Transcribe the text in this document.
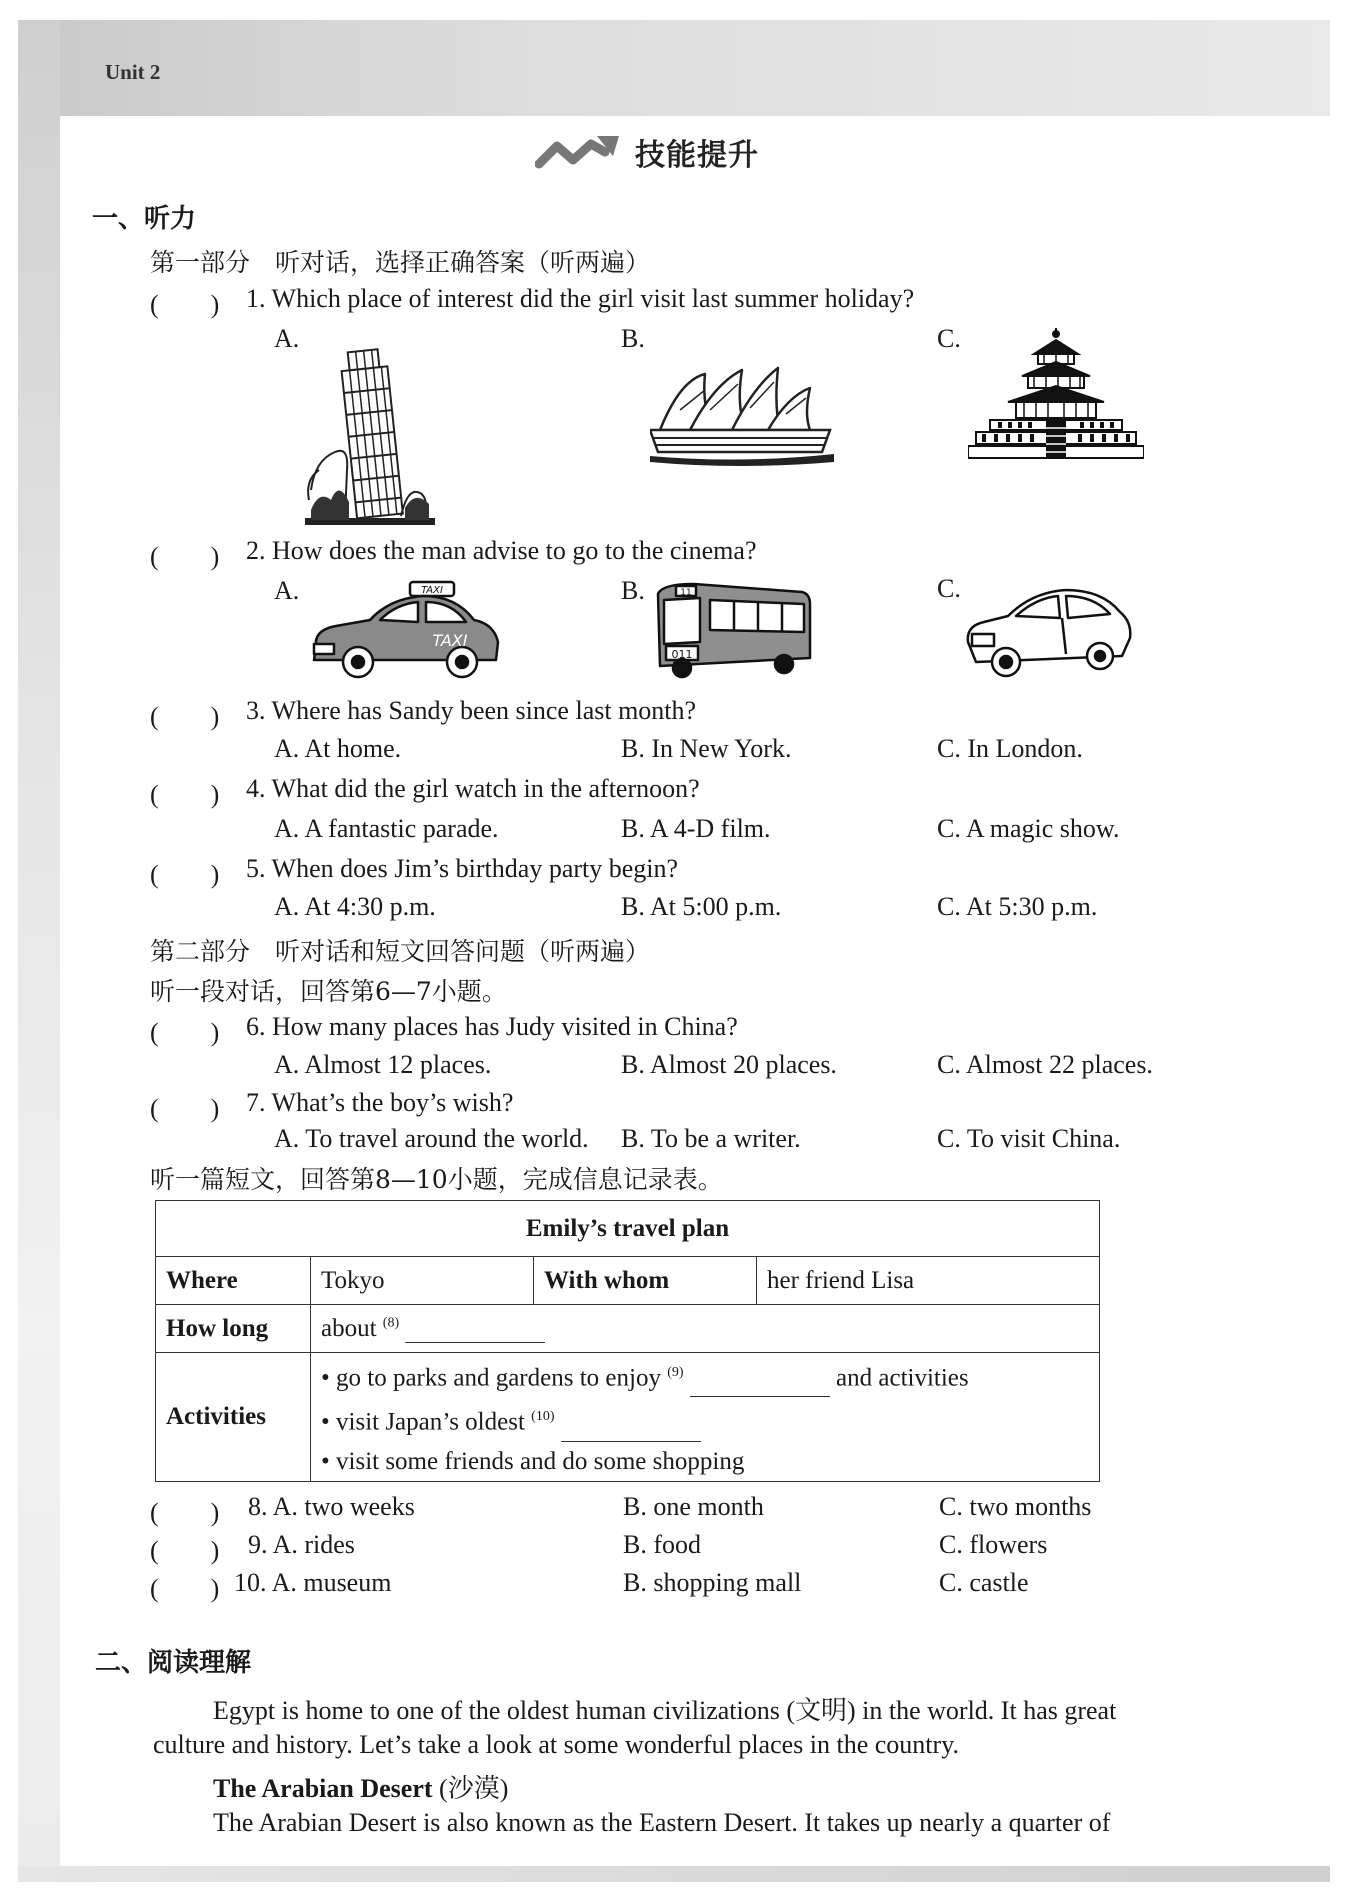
Unit 2
技能提升
一、听力
第一部分　听对话，选择正确答案（听两遍）
(　　) 1. Which place of interest did the girl visit last summer holiday?
A.	B.	C.
(　　) 2. How does the man advise to go to the cinema?
A.	B.	C.
TAXI
TAXI
11
011
(　　) 3. Where has Sandy been since last month?
A. At home.	B. In New York.	C. In London.
(　　) 4. What did the girl watch in the afternoon?
A. A fantastic parade.	B. A 4-D film.	C. A magic show.
(　　) 5. When does Jim’s birthday party begin?
A. At 4:30 p.m.	B. At 5:00 p.m.	C. At 5:30 p.m.
第二部分　听对话和短文回答问题（听两遍）
听一段对话，回答第6—7小题。
(　　) 6. How many places has Judy visited in China?
A. Almost 12 places.	B. Almost 20 places.	C. Almost 22 places.
(　　) 7. What’s the boy’s wish?
A. To travel around the world. B. To be a writer.	C. To visit China.
听一篇短文，回答第8—10小题，完成信息记录表。
Emily’s travel plan			
Where	Tokyo	With whom	her friend Lisa
How long	about $^{(8)}$
Activities	• go to parks and gardens to enjoy $^{(9)}$ and activities
• visit Japan’s oldest $^{(10)}$
• visit some friends and do some shopping		
(　　) 8. A. two weeks	B. one month	C. two months
(　　) 9. A. rides	B. food	C. flowers
(　　) 10. A. museum	B. shopping mall	C. castle
二、阅读理解
Egypt is home to one of the oldest human civilizations (文明) in the world. It has great
culture and history. Let’s take a look at some wonderful places in the country.
The Arabian Desert (沙漠)
The Arabian Desert is also known as the Eastern Desert. It takes up nearly a quarter of
